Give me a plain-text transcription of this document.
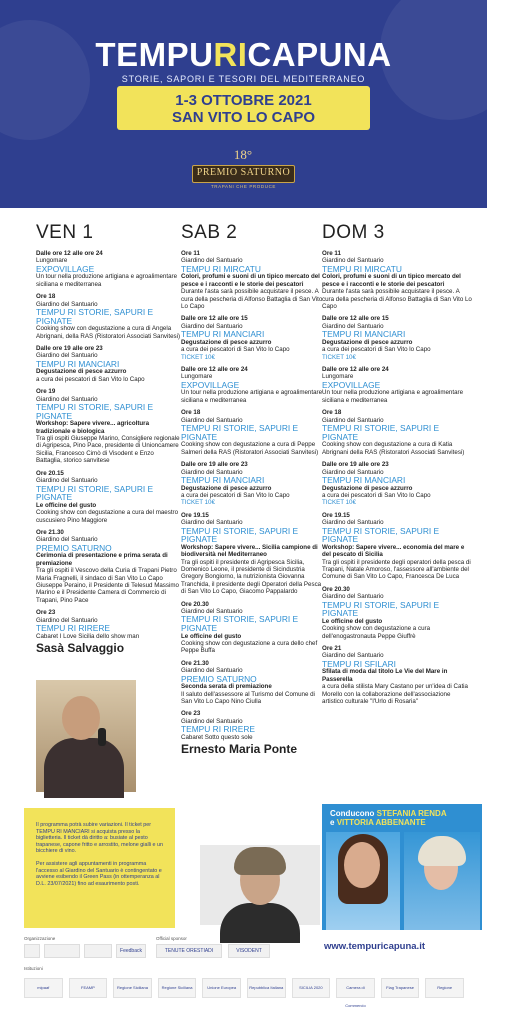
TEMPURICAPUNA
STORIE, SAPORI E TESORI DEL MEDITERRANEO
1-3 OTTOBRE 2021
SAN VITO LO CAPO
18°
PREMIO SATURNO
TRAPANI CHE PRODUCE
VEN 1
Dalle ore 12 alle ore 24
Lungomare
EXPOVILLAGE
Un tour nella produzione artigiana e agroalimentare siciliana e mediterranea
Ore 18
Giardino del Santuario
TEMPU RI STORIE, SAPURI E PIGNATE
Cooking show con degustazione a cura di Angela Abrignani, della RAS (Ristoratori Associati Sanvitesi)
Dalle ore 19 alle ore 23
Giardino del Santuario
TEMPU RI MANCIARI
Degustazione di pesce azzurro
a cura dei pescatori di San Vito lo Capo
Ore 19
Giardino del Santuario
TEMPU RI STORIE, SAPURI E PIGNATE
Workshop: Sapere vivere... agricoltura tradizionale e biologica
Tra gli ospiti Giuseppe Marino, Consigliere regionale di Agripesca, Pino Pace, presidente di Unioncamere Sicilia, Francesco Cimò di Visodent e Enzo Battaglia, storico sanvitese
Ore 20.15
Giardino del Santuario
TEMPU RI STORIE, SAPURI E PIGNATE
Le officine del gusto
Cooking show con degustazione a cura del maestro cuscusiero Pino Maggiore
Ore 21.30
Giardino del Santuario
PREMIO SATURNO
Cerimonia di presentazione e prima serata di premiazione
Tra gli ospiti il Vescovo della Curia di Trapani Pietro Maria Fragnelli, il sindaco di San Vito Lo Capo Giuseppe Peraino, il Presidente di Telesud Massimo Marino e il Presidente Camera di Commercio di Trapani, Pino Pace
Ore 23
Giardino del Santuario
TEMPU RI RIRERE
Cabaret I Love Sicilia dello show man
Sasà Salvaggio
SAB 2
Ore 11
Giardino del Santuario
TEMPU RI MIRCATU
Colori, profumi e suoni di un tipico mercato del pesce e i racconti e le storie dei pescatori
Durante l'asta sarà possibile acquistare il pesce. A cura della pescheria di Alfonso Battaglia di San Vito Lo Capo
Dalle ore 12 alle ore 15
Giardino del Santuario
TEMPU RI MANCIARI
Degustazione di pesce azzurro
a cura dei pescatori di San Vito lo Capo
TICKET 10€
Dalle ore 12 alle ore 24
Lungomare
EXPOVILLAGE
Un tour nella produzione artigiana e agroalimentare siciliana e mediterranea
Ore 18
Giardino del Santuario
TEMPU RI STORIE, SAPURI E PIGNATE
Cooking show con degustazione a cura di Peppe Salmeri della RAS (Ristoratori Associati Sanvitesi)
Dalle ore 19 alle ore 23
Giardino del Santuario
TEMPU RI MANCIARI
Degustazione di pesce azzurro
a cura dei pescatori di San Vito lo Capo
TICKET 10€
Ore 19.15
Giardino del Santuario
TEMPU RI STORIE, SAPURI E PIGNATE
Workshop: Sapere vivere... Sicilia campione di biodiversità nel Mediterraneo
Tra gli ospiti il presidente di Agripesca Sicilia, Domenico Leone, il presidente di Sicindustria Gregory Bongiorno, la nutrizionista Giovanna Tranchida, il presidente degli Operatori della Pesca di San Vito Lo Capo, Giacomo Pappalardo
Ore 20.30
Giardino del Santuario
TEMPU RI STORIE, SAPURI E PIGNATE
Le officine del gusto
Cooking show con degustazione a cura dello chef Peppe Buffa
Ore 21.30
Giardino del Santuario
PREMIO SATURNO
Seconda serata di premiazione
Il saluto dell'assessore al Turismo del Comune di San Vito Lo Capo Nino Ciulla
Ore 23
Giardino del Santuario
TEMPU RI RIRERE
Cabaret Sotto questo sole
Ernesto Maria Ponte
DOM 3
Ore 11
Giardino del Santuario
TEMPU RI MIRCATU
Colori, profumi e suoni di un tipico mercato del pesce e i racconti e le storie dei pescatori
Durante l'asta sarà possibile acquistare il pesce. A cura della pescheria di Alfonso Battaglia di San Vito Lo Capo
Dalle ore 12 alle ore 15
Giardino del Santuario
TEMPU RI MANCIARI
Degustazione di pesce azzurro
a cura dei pescatori di San Vito lo Capo
TICKET 10€
Dalle ore 12 alle ore 24
Lungomare
EXPOVILLAGE
Un tour nella produzione artigiana e agroalimentare siciliana e mediterranea
Ore 18
Giardino del Santuario
TEMPU RI STORIE, SAPURI E PIGNATE
Cooking show con degustazione a cura di Katia Abrignani della RAS (Ristoratori Associati Sanvitesi)
Dalle ore 19 alle ore 23
Giardino del Santuario
TEMPU RI MANCIARI
Degustazione di pesce azzurro
a cura dei pescatori di San Vito lo Capo
TICKET 10€
Ore 19.15
Giardino del Santuario
TEMPU RI STORIE, SAPURI E PIGNATE
Workshop: Sapere vivere... economia del mare e del pescato di Sicilia
Tra gli ospiti il presidente degli operatori della pesca di Trapani, Natale Amoroso, l'assessore all'ambiente del Comune di San Vito Lo Capo, Francesca De Luca
Ore 20.30
Giardino del Santuario
TEMPU RI STORIE, SAPURI E PIGNATE
Le officine del gusto
Cooking show con degustazione a cura dell'enogastronauta Peppe Giuffrè
Ore 21
Giardino del Santuario
TEMPU RI SFILARI
Sfilata di moda dal titolo Le Vie del Mare in Passerella
a cura della stilista Mary Castano per un'idea di Catia Morello con la collaborazione dell'associazione artistico culturale "l'Urlo di Rosaria"

Il programma potrà subire variazioni. Il ticket per TEMPU RI MANCIARI si acquista presso la biglietteria. Il ticket dà diritto a: busiate al pesto trapanese, caponе fritto e arrostito, melone gialli e un bicchiere di vino.

Per assistere agli appuntamenti in programma l'accesso al Giardino del Santuario è contingentato e avviene esibendo il Green Pass (in ottemperanza al D.L. 23/07/2021) fino ad esaurimento posti.

Conducono STEFANIA RENDA
e VITTORIA ABBENANTE
Organizzazione
Feedback
Official sponsor
TENUTE ORESTIADI	VISODENT	www.tempuricapuna.it
Istituzioni
mipaaf	FEAMP	Regione Siciliana	Regione Siciliana	Unione Europea	Repubblica Italiana	SICILIA 2020	Camera di Commercio
Flag Trapanese	Regione
